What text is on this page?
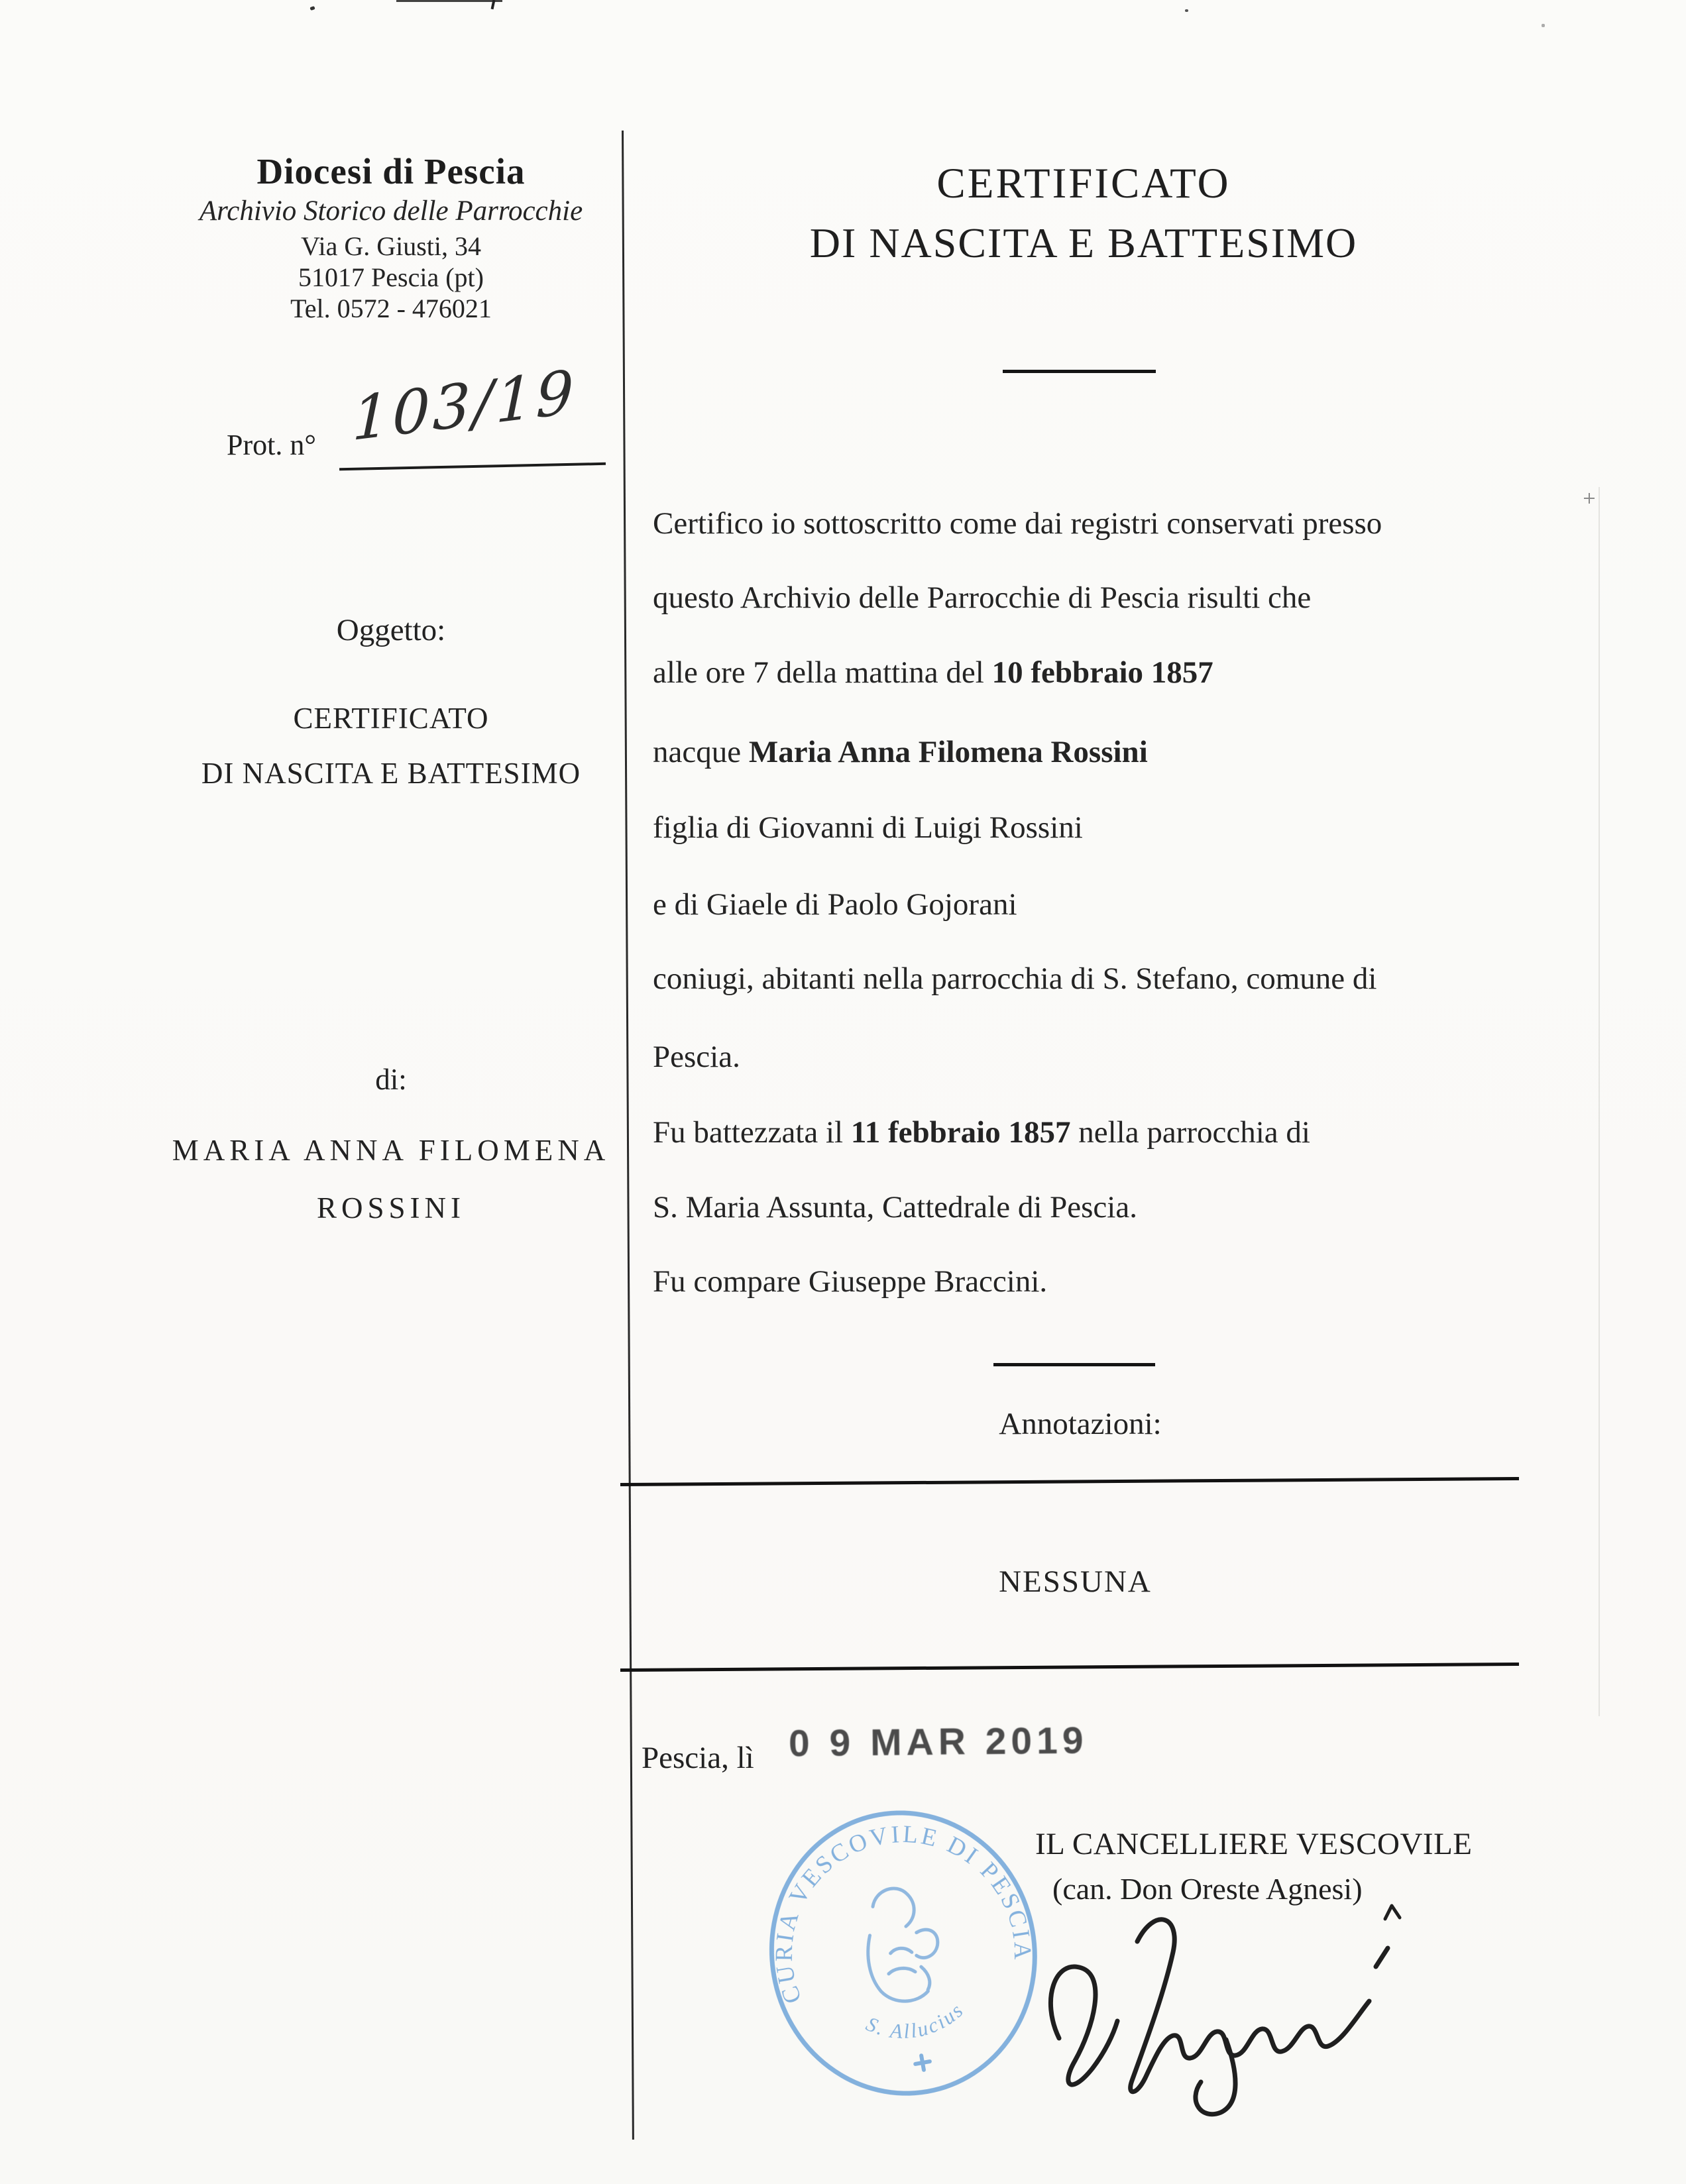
Diocesi di Pescia
Archivio Storico delle Parrocchie
Via G. Giusti, 34
51017 Pescia (pt)
Tel. 0572 - 476021
Prot. n° 103/19
Oggetto:
CERTIFICATO
DI NASCITA E BATTESIMO
di:
MARIA ANNA FILOMENA
ROSSINI
CERTIFICATO
DI NASCITA E BATTESIMO
Certifico io sottoscritto come dai registri conservati presso
questo Archivio delle Parrocchie di Pescia risulti che
alle ore 7 della mattina del 10 febbraio 1857
nacque Maria Anna Filomena Rossini
figlia di Giovanni di Luigi Rossini
e di Giaele di Paolo Gojorani
coniugi, abitanti nella parrocchia di S. Stefano, comune di
Pescia.
Fu battezzata il 11 febbraio 1857 nella parrocchia di
S. Maria Assunta, Cattedrale di Pescia.
Fu compare Giuseppe Braccini.
Annotazioni:
NESSUNA
Pescia, lì 0 9 MAR 2019
IL CANCELLIERE VESCOVILE
(can. Don Oreste Agnesi)
CURIA VESCOVILE DI PESCIA
S. Allucius
